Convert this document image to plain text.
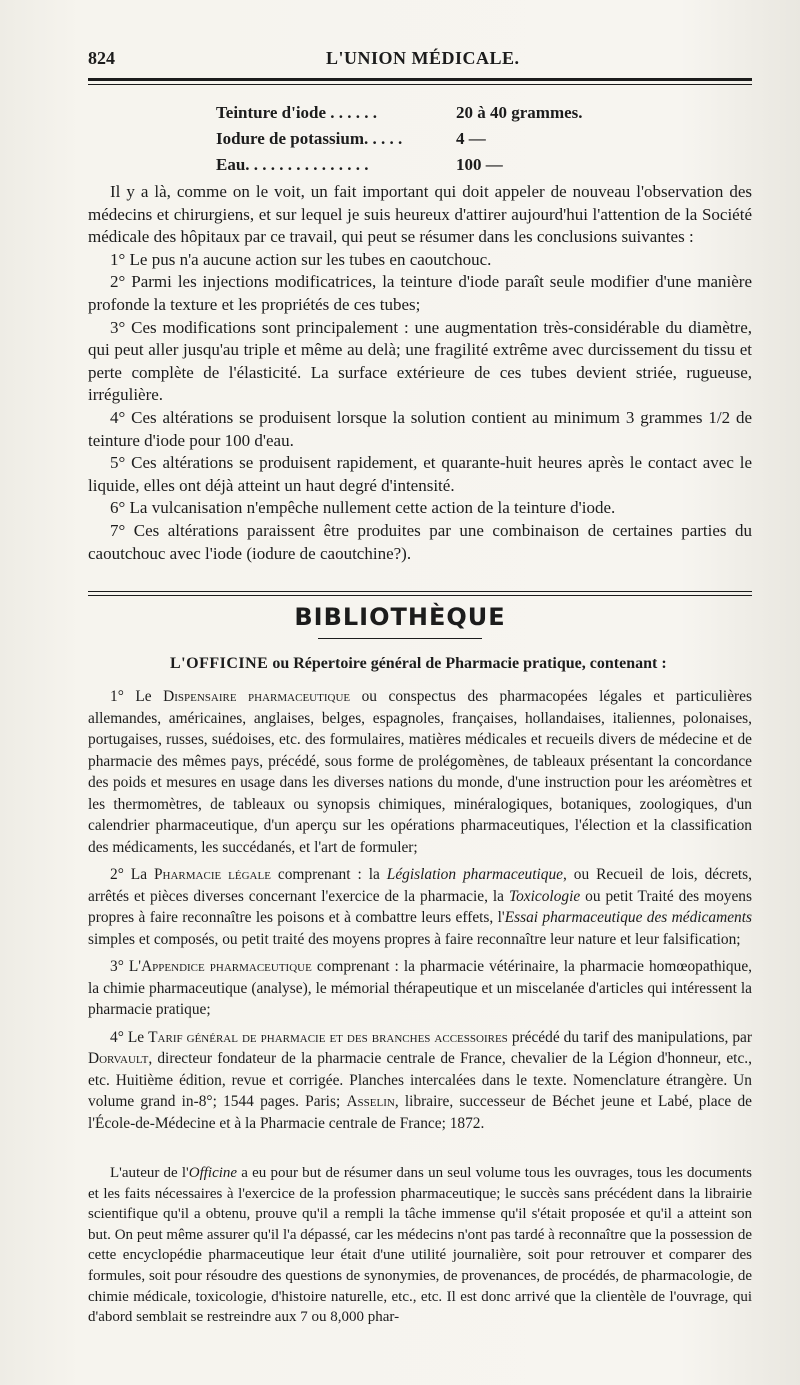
824	L'UNION MÉDICALE.
Teinture d'iode . . . . . .	20 à 40 grammes.
Iodure de potassium. . . . .	4 —
Eau. . . . . . . . . . . . . . .	100 —

Il y a là, comme on le voit, un fait important qui doit appeler de nouveau l'observation des médecins et chirurgiens, et sur lequel je suis heureux d'attirer aujourd'hui l'attention de la Société médicale des hôpitaux par ce travail, qui peut se résumer dans les conclusions suivantes :

1° Le pus n'a aucune action sur les tubes en caoutchouc.

2° Parmi les injections modificatrices, la teinture d'iode paraît seule modifier d'une manière profonde la texture et les propriétés de ces tubes;

3° Ces modifications sont principalement : une augmentation très-considérable du diamètre, qui peut aller jusqu'au triple et même au delà; une fragilité extrême avec durcissement du tissu et perte complète de l'élasticité. La surface extérieure de ces tubes devient striée, rugueuse, irrégulière.

4° Ces altérations se produisent lorsque la solution contient au minimum 3 grammes 1/2 de teinture d'iode pour 100 d'eau.

5° Ces altérations se produisent rapidement, et quarante-huit heures après le contact avec le liquide, elles ont déjà atteint un haut degré d'intensité.

6° La vulcanisation n'empêche nullement cette action de la teinture d'iode.

7° Ces altérations paraissent être produites par une combinaison de certaines parties du caoutchouc avec l'iode (iodure de caoutchine?).

BIBLIOTHÈQUE
L'OFFICINE ou Répertoire général de Pharmacie pratique, contenant :

1° Le Dispensaire pharmaceutique ou conspectus des pharmacopées légales et particulières allemandes, américaines, anglaises, belges, espagnoles, françaises, hollandaises, italiennes, polonaises, portugaises, russes, suédoises, etc. des formulaires, matières médicales et recueils divers de médecine et de pharmacie des mêmes pays, précédé, sous forme de prolégomènes, de tableaux présentant la concordance des poids et mesures en usage dans les diverses nations du monde, d'une instruction pour les aréomètres et les thermomètres, de tableaux ou synopsis chimiques, minéralogiques, botaniques, zoologiques, d'un calendrier pharmaceutique, d'un aperçu sur les opérations pharmaceutiques, l'élection et la classification des médicaments, les succédanés, et l'art de formuler;

2° La Pharmacie légale comprenant : la Législation pharmaceutique, ou Recueil de lois, décrets, arrêtés et pièces diverses concernant l'exercice de la pharmacie, la Toxicologie ou petit Traité des moyens propres à faire reconnaître les poisons et à combattre leurs effets, l'Essai pharmaceutique des médicaments simples et composés, ou petit traité des moyens propres à faire reconnaître leur nature et leur falsification;

3° L'Appendice pharmaceutique comprenant : la pharmacie vétérinaire, la pharmacie homœopathique, la chimie pharmaceutique (analyse), le mémorial thérapeutique et un miscelanée d'articles qui intéressent la pharmacie pratique;

4° Le Tarif général de pharmacie et des branches accessoires précédé du tarif des manipulations, par Dorvault, directeur fondateur de la pharmacie centrale de France, chevalier de la Légion d'honneur, etc., etc. Huitième édition, revue et corrigée. Planches intercalées dans le texte. Nomenclature étrangère. Un volume grand in-8°; 1544 pages. Paris; Asselin, libraire, successeur de Béchet jeune et Labé, place de l'École-de-Médecine et à la Pharmacie centrale de France; 1872.

L'auteur de l'Officine a eu pour but de résumer dans un seul volume tous les ouvrages, tous les documents et les faits nécessaires à l'exercice de la profession pharmaceutique; le succès sans précédent dans la librairie scientifique qu'il a obtenu, prouve qu'il a rempli la tâche immense qu'il s'était proposée et qu'il a atteint son but. On peut même assurer qu'il l'a dépassé, car les médecins n'ont pas tardé à reconnaître que la possession de cette encyclopédie pharmaceutique leur était d'une utilité journalière, soit pour retrouver et comparer des formules, soit pour résoudre des questions de synonymies, de provenances, de procédés, de pharmacologie, de chimie médicale, toxicologie, d'histoire naturelle, etc., etc. Il est donc arrivé que la clientèle de l'ouvrage, qui d'abord semblait se restreindre aux 7 ou 8,000 phar-
